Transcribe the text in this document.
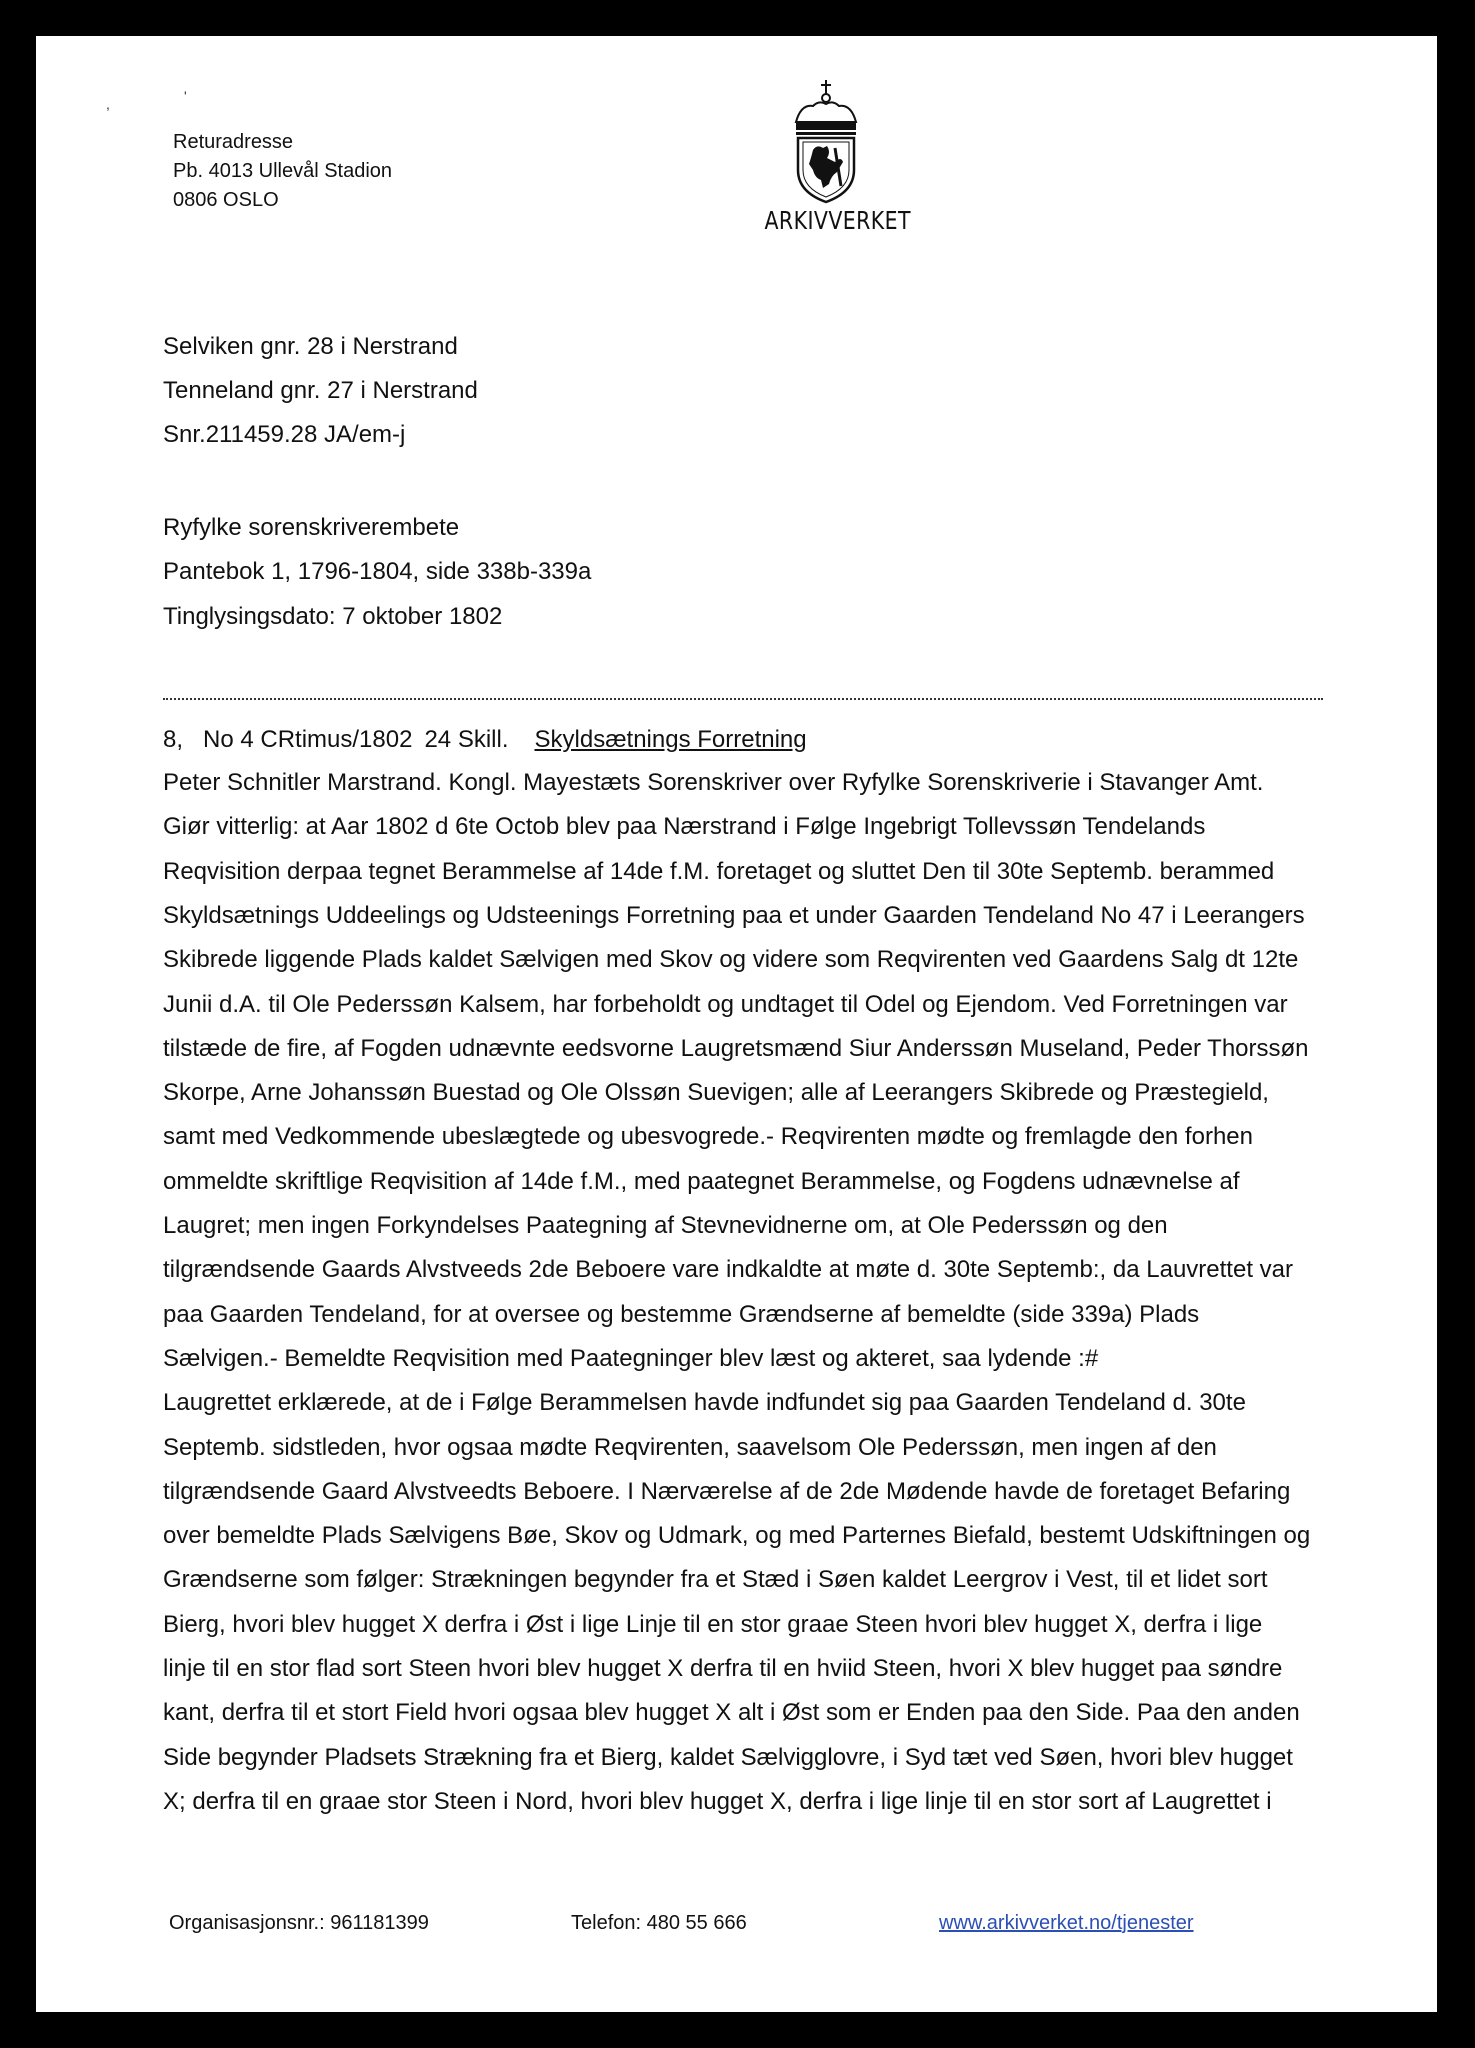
,	'
Returadresse
Pb. 4013 Ullevål Stadion
0806 OSLO
ARKIVVERKET
Selviken gnr. 28 i Nerstrand
Tenneland gnr. 27 i Nerstrand
Snr.211459.28 JA/em-j
Ryfylke sorenskriverembete
Pantebok 1, 1796-1804, side 338b-339a
Tinglysingsdato: 7 oktober 1802
8,   No 4 CRtimus/1802 24 Skill. Skyldsætnings Forretning
Peter Schnitler Marstrand. Kongl. Mayestæts Sorenskriver over Ryfylke Sorenskriverie i Stavanger Amt.
Giør vitterlig: at Aar 1802 d 6te Octob blev paa Nærstrand i Følge Ingebrigt Tollevssøn Tendelands
Reqvisition derpaa tegnet Berammelse af 14de f.M. foretaget og sluttet Den til 30te Septemb. berammed
Skyldsætnings Uddeelings og Udsteenings Forretning paa et under Gaarden Tendeland No 47 i Leerangers
Skibrede liggende Plads kaldet Sælvigen med Skov og videre som Reqvirenten ved Gaardens Salg dt 12te
Junii d.A. til Ole Pederssøn Kalsem, har forbeholdt og undtaget til Odel og Ejendom. Ved Forretningen var
tilstæde de fire, af Fogden udnævnte eedsvorne Laugretsmænd Siur Anderssøn Museland, Peder Thorssøn
Skorpe, Arne Johanssøn Buestad og Ole Olssøn Suevigen; alle af Leerangers Skibrede og Præstegield,
samt med Vedkommende ubeslægtede og ubesvogrede.- Reqvirenten mødte og fremlagde den forhen
ommeldte skriftlige Reqvisition af 14de f.M., med paategnet Berammelse, og Fogdens udnævnelse af
Laugret; men ingen Forkyndelses Paategning af Stevnevidnerne om, at Ole Pederssøn og den
tilgrændsende Gaards Alvstveeds 2de Beboere vare indkaldte at møte d. 30te Septemb:, da Lauvrettet var
paa Gaarden Tendeland, for at oversee og bestemme Grændserne af bemeldte (side 339a) Plads
Sælvigen.- Bemeldte Reqvisition med Paategninger blev læst og akteret, saa lydende :#
Laugrettet erklærede, at de i Følge Berammelsen havde indfundet sig paa Gaarden Tendeland d. 30te
Septemb. sidstleden, hvor ogsaa mødte Reqvirenten, saavelsom Ole Pederssøn, men ingen af den
tilgrændsende Gaard Alvstveedts Beboere. I Nærværelse af de 2de Mødende havde de foretaget Befaring
over bemeldte Plads Sælvigens Bøe, Skov og Udmark, og med Parternes Biefald, bestemt Udskiftningen og
Grændserne som følger: Strækningen begynder fra et Stæd i Søen kaldet Leergrov i Vest, til et lidet sort
Bierg, hvori blev hugget X derfra i Øst i lige Linje til en stor graae Steen hvori blev hugget X, derfra i lige
linje til en stor flad sort Steen hvori blev hugget X derfra til en hviid Steen, hvori X blev hugget paa søndre
kant, derfra til et stort Field hvori ogsaa blev hugget X alt i Øst som er Enden paa den Side. Paa den anden
Side begynder Pladsets Strækning fra et Bierg, kaldet Sælvigglovre, i Syd tæt ved Søen, hvori blev hugget
X; derfra til en graae stor Steen i Nord, hvori blev hugget X, derfra i lige linje til en stor sort af Laugrettet i
Organisasjonsnr.: 961181399	Telefon: 480 55 666	www.arkivverket.no/tjenester
